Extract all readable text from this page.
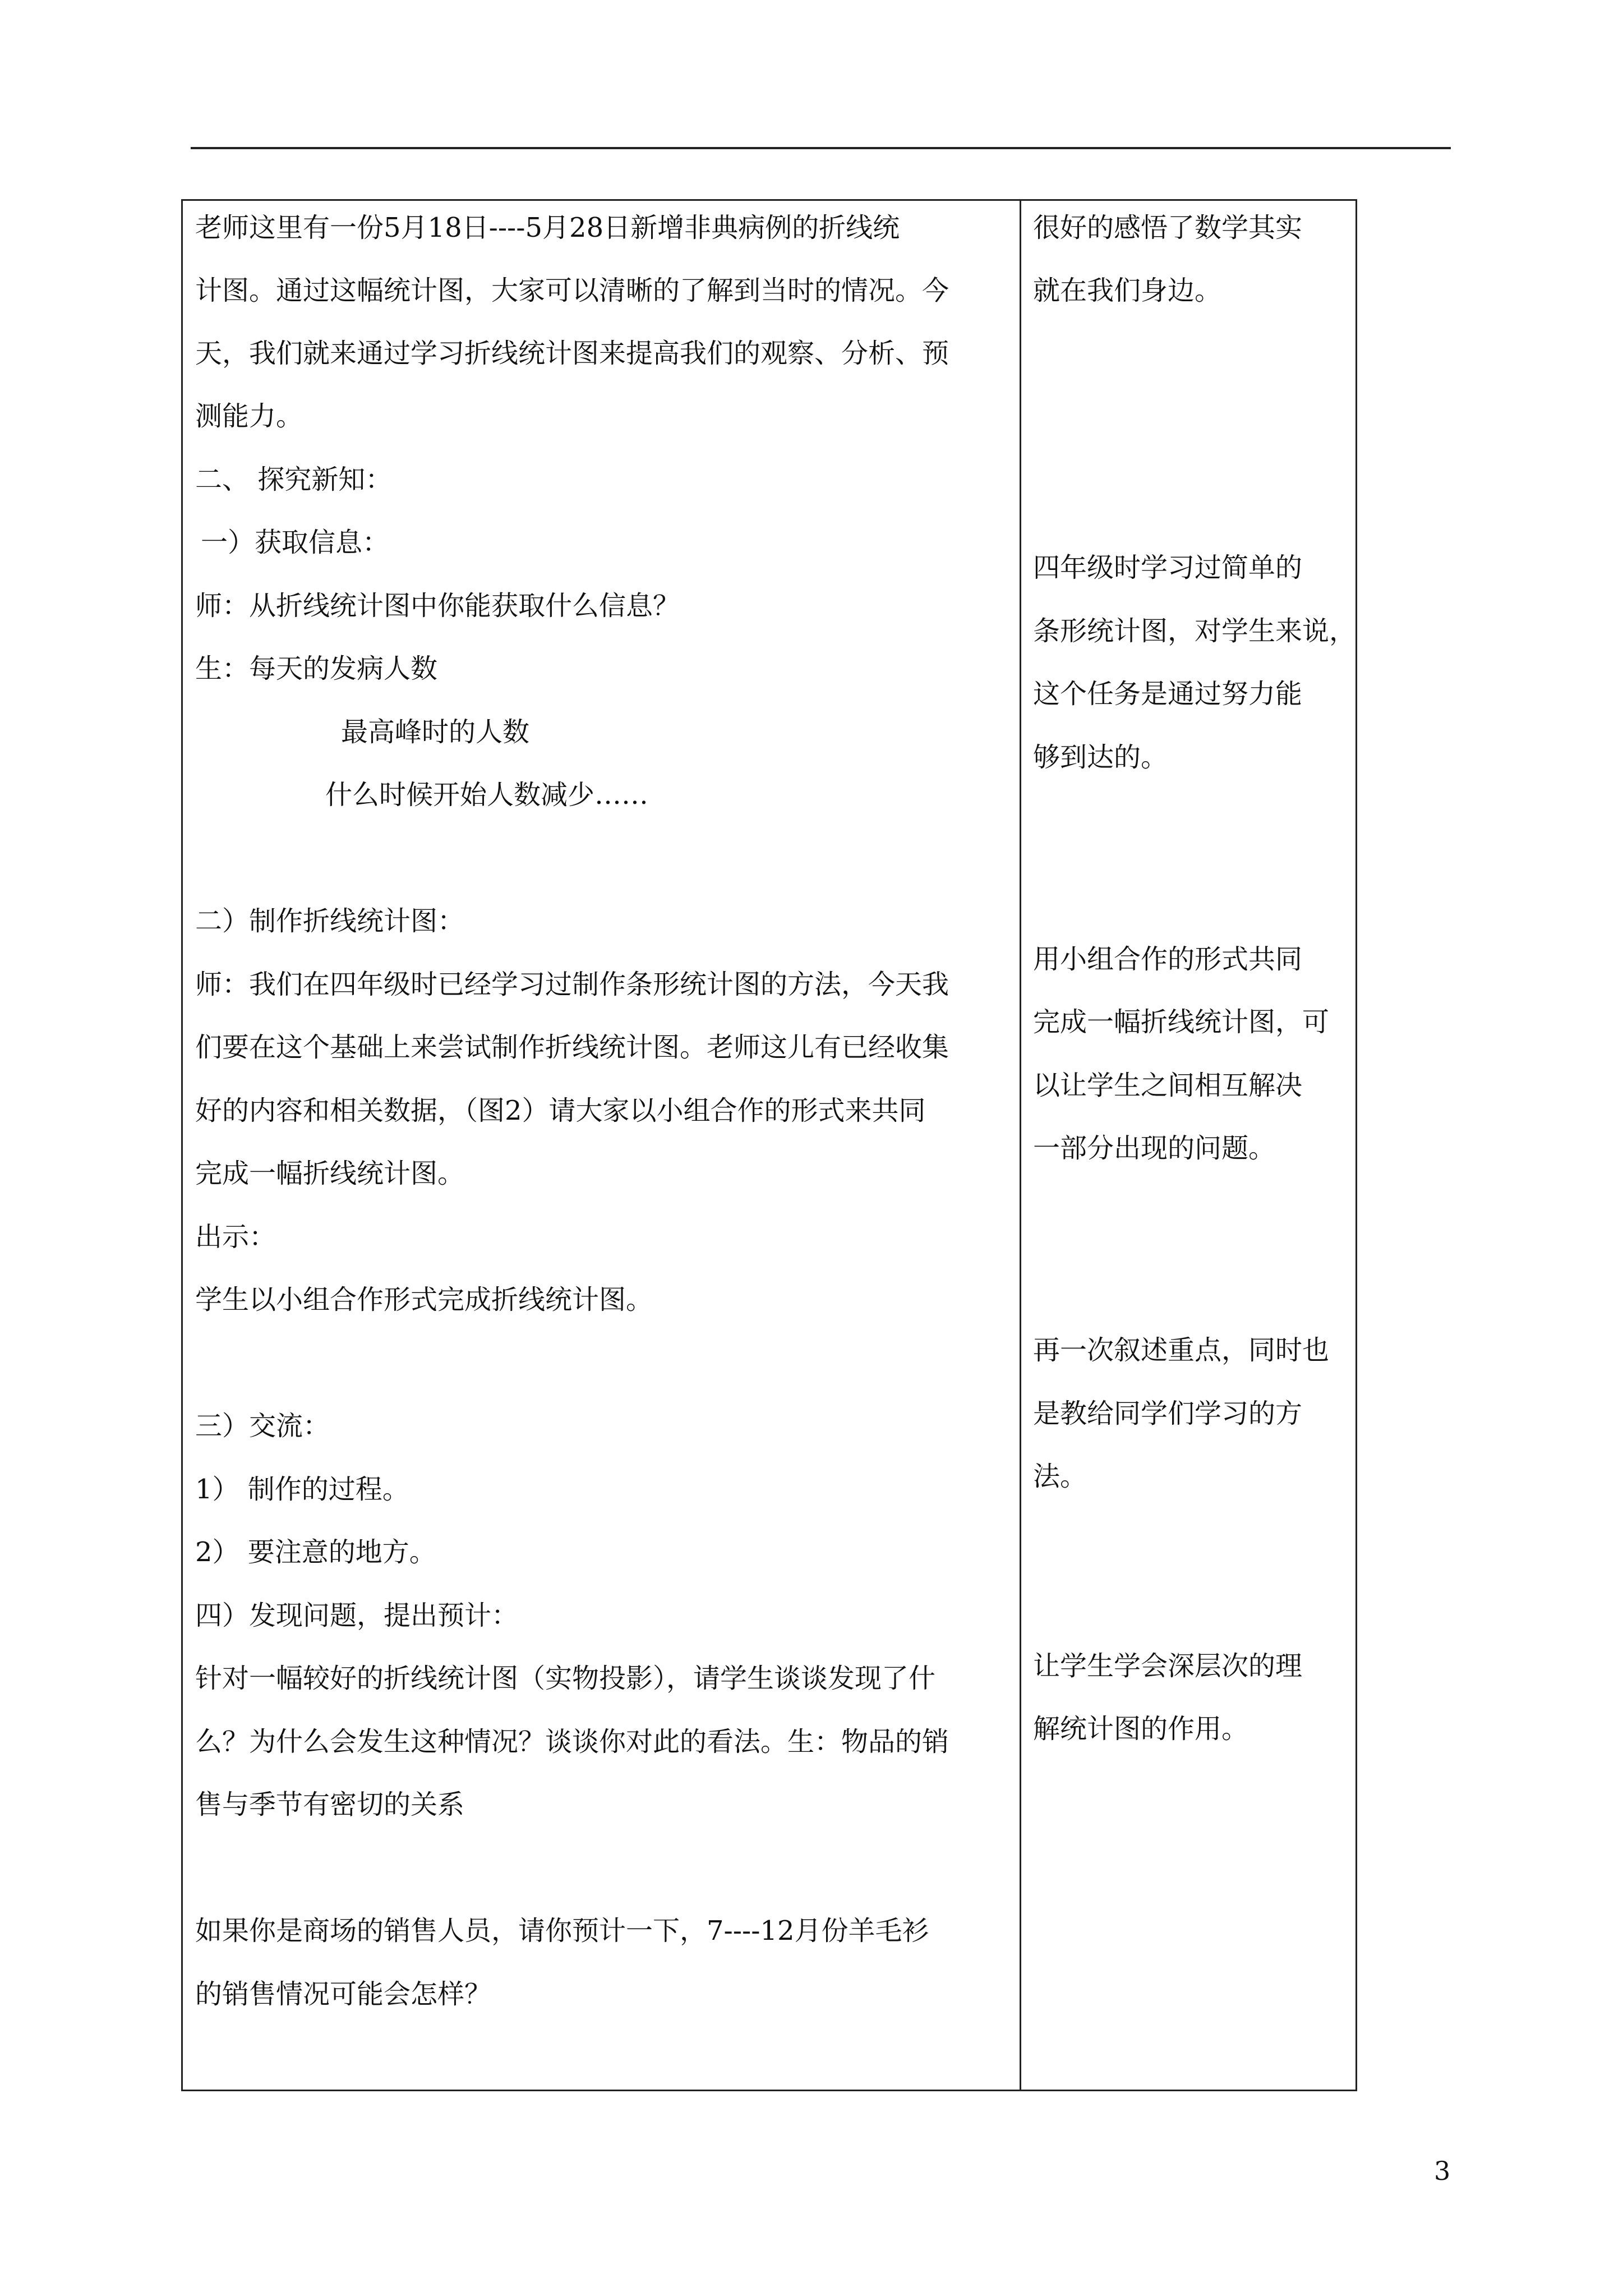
老师这里有一份5月18日----5月28日新增非典病例的折线统

计图。通过这幅统计图，大家可以清晰的了解到当时的情况。今

天，我们就来通过学习折线统计图来提高我们的观察、分析、预

测能力。

二、 探究新知：

一）获取信息：

师：从折线统计图中你能获取什么信息？

生：每天的发病人数

最高峰时的人数

什么时候开始人数减少……

二）制作折线统计图：

师：我们在四年级时已经学习过制作条形统计图的方法，今天我

们要在这个基础上来尝试制作折线统计图。老师这儿有已经收集

好的内容和相关数据，（图2）请大家以小组合作的形式来共同

完成一幅折线统计图。

出示：

学生以小组合作形式完成折线统计图。

三）交流：

1） 制作的过程。

2） 要注意的地方。

四）发现问题，提出预计：

针对一幅较好的折线统计图（实物投影），请学生谈谈发现了什

么？为什么会发生这种情况？谈谈你对此的看法。生：物品的销

售与季节有密切的关系

如果你是商场的销售人员，请你预计一下，7----12月份羊毛衫

的销售情况可能会怎样？

很好的感悟了数学其实

就在我们身边。

四年级时学习过简单的

条形统计图，对学生来说，

这个任务是通过努力能

够到达的。

用小组合作的形式共同

完成一幅折线统计图，可

以让学生之间相互解决

一部分出现的问题。

再一次叙述重点，同时也

是教给同学们学习的方

法。

让学生学会深层次的理

解统计图的作用。

3
